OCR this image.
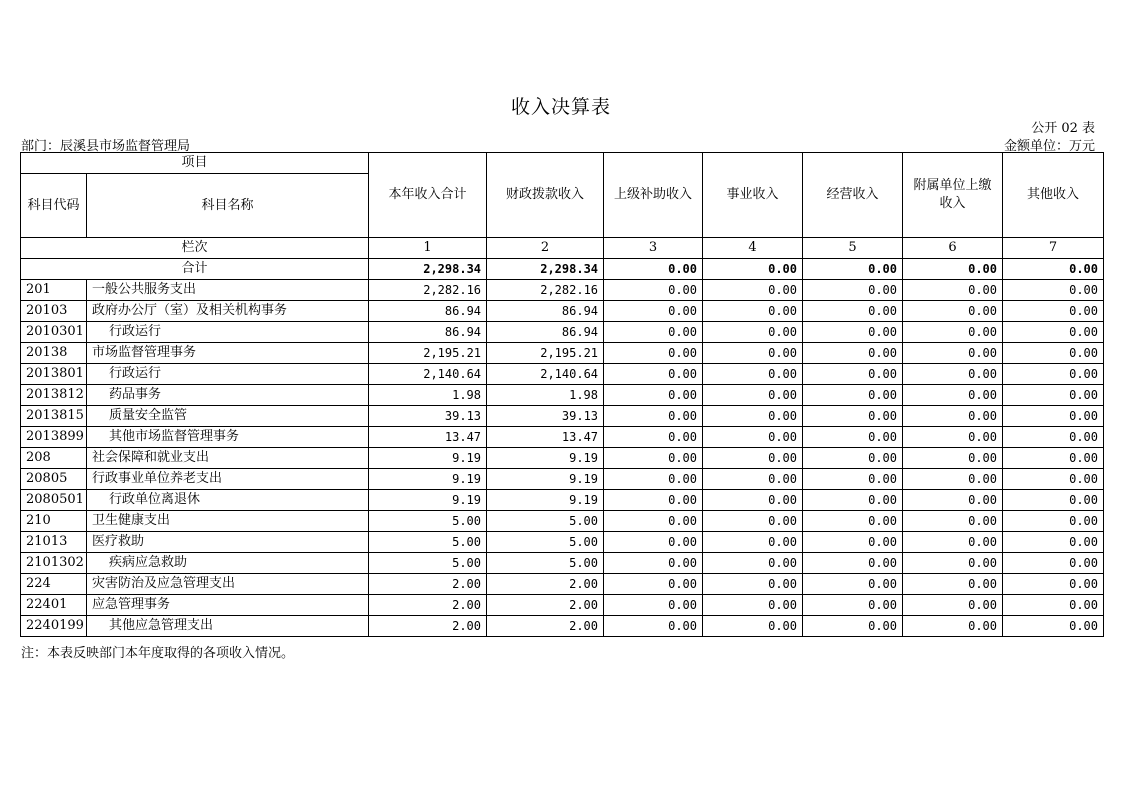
收入决算表
公开 02 表
部门：辰溪县市场监督管理局	金额单位：万元
项目		本年收入合计	财政拨款收入	上级补助收入	事业收入	经营收入	附属单位上缴收入	其他收入
科目代码	科目名称							
栏次		1	2	3	4	5	6	7
合计		2,298.34	2,298.34	0.00	0.00	0.00	0.00	0.00
201	一般公共服务支出	2,282.16	2,282.16	0.00	0.00	0.00	0.00	0.00
20103	政府办公厅（室）及相关机构事务	86.94	86.94	0.00	0.00	0.00	0.00	0.00
2010301	行政运行	86.94	86.94	0.00	0.00	0.00	0.00	0.00
20138	市场监督管理事务	2,195.21	2,195.21	0.00	0.00	0.00	0.00	0.00
2013801	行政运行	2,140.64	2,140.64	0.00	0.00	0.00	0.00	0.00
2013812	药品事务	1.98	1.98	0.00	0.00	0.00	0.00	0.00
2013815	质量安全监管	39.13	39.13	0.00	0.00	0.00	0.00	0.00
2013899	其他市场监督管理事务	13.47	13.47	0.00	0.00	0.00	0.00	0.00
208	社会保障和就业支出	9.19	9.19	0.00	0.00	0.00	0.00	0.00
20805	行政事业单位养老支出	9.19	9.19	0.00	0.00	0.00	0.00	0.00
2080501	行政单位离退休	9.19	9.19	0.00	0.00	0.00	0.00	0.00
210	卫生健康支出	5.00	5.00	0.00	0.00	0.00	0.00	0.00
21013	医疗救助	5.00	5.00	0.00	0.00	0.00	0.00	0.00
2101302	疾病应急救助	5.00	5.00	0.00	0.00	0.00	0.00	0.00
224	灾害防治及应急管理支出	2.00	2.00	0.00	0.00	0.00	0.00	0.00
22401	应急管理事务	2.00	2.00	0.00	0.00	0.00	0.00	0.00
2240199	其他应急管理支出	2.00	2.00	0.00	0.00	0.00	0.00	0.00
注：本表反映部门本年度取得的各项收入情况。
